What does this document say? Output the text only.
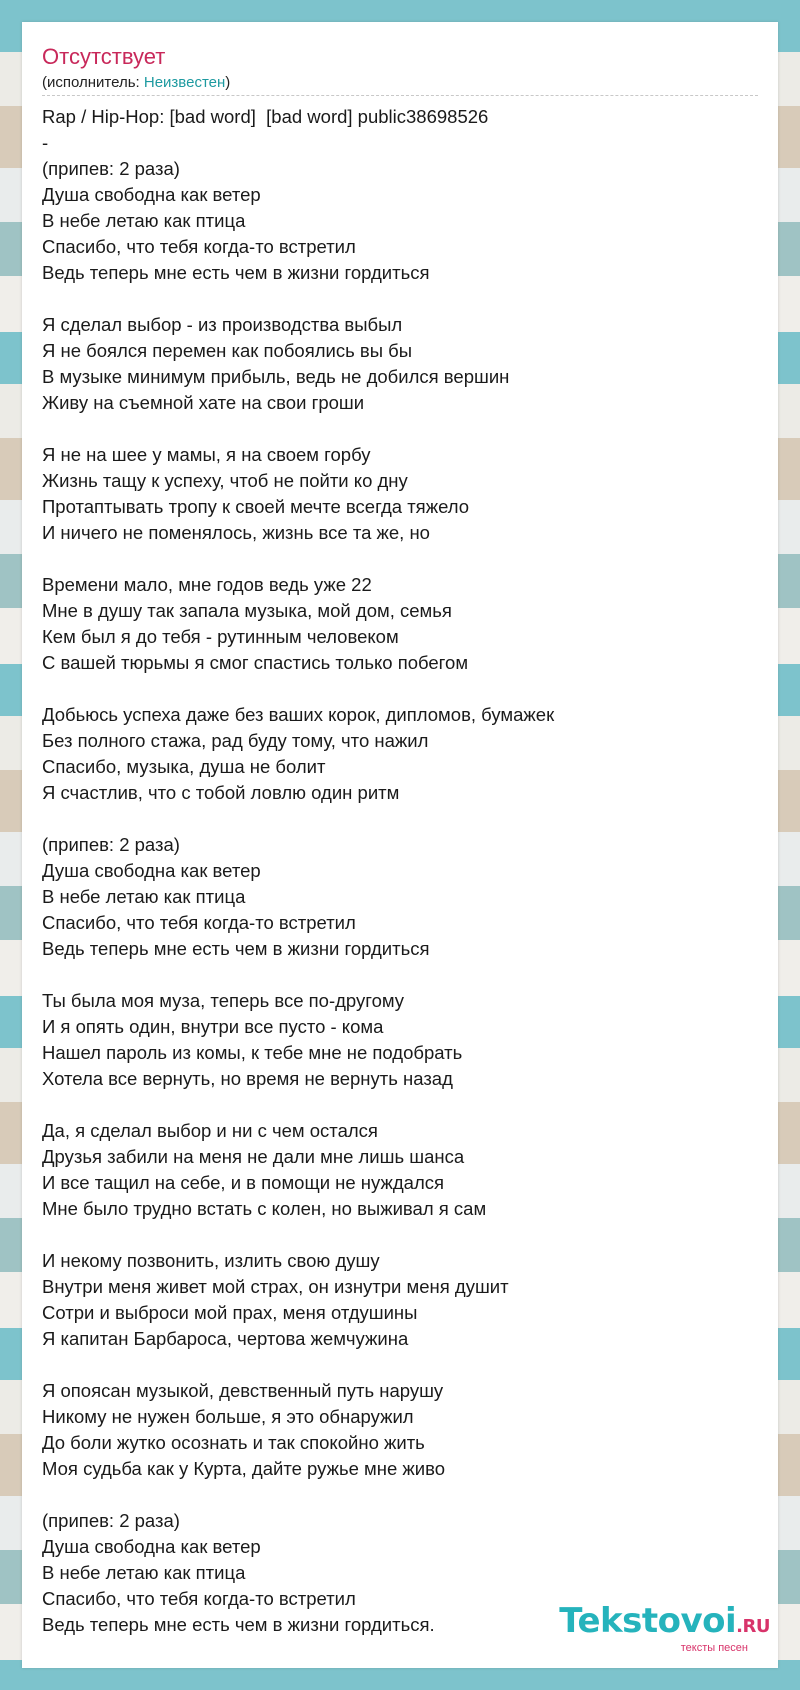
Отсутствует
(исполнитель: Неизвестен)
Rap / Hip-Hop: [bad word]  [bad word] public38698526
-
(припев: 2 раза)
Душа свободна как ветер
В небе летаю как птица
Спасибо, что тебя когда-то встретил
Ведь теперь мне есть чем в жизни гордиться
Я сделал выбор - из производства выбыл
Я не боялся перемен как побоялись вы бы
В музыке минимум прибыль, ведь не добился вершин
Живу на съемной хате на свои гроши
Я не на шее у мамы, я на своем горбу
Жизнь тащу к успеху, чтоб не пойти ко дну
Протаптывать тропу к своей мечте всегда тяжело
И ничего не поменялось, жизнь все та же, но
Времени мало, мне годов ведь уже 22
Мне в душу так запала музыка, мой дом, семья
Кем был я до тебя - рутинным человеком
С вашей тюрьмы я смог спастись только побегом
Добьюсь успеха даже без ваших корок, дипломов, бумажек
Без полного стажа, рад буду тому, что нажил
Спасибо, музыка, душа не болит
Я счастлив, что с тобой ловлю один ритм
(припев: 2 раза)
Душа свободна как ветер
В небе летаю как птица
Спасибо, что тебя когда-то встретил
Ведь теперь мне есть чем в жизни гордиться
Ты была моя муза, теперь все по-другому
И я опять один, внутри все пусто - кома
Нашел пароль из комы, к тебе мне не подобрать
Хотела все вернуть, но время не вернуть назад
Да, я сделал выбор и ни с чем остался
Друзья забили на меня не дали мне лишь шанса
И все тащил на себе, и в помощи не нуждался
Мне было трудно встать с колен, но выживал я сам
И некому позвонить, излить свою душу
Внутри меня живет мой страх, он изнутри меня душит
Сотри и выброси мой прах, меня отдушины
Я капитан Барбароса, чертова жемчужина
Я опоясан музыкой, девственный путь нарушу
Никому не нужен больше, я это обнаружил
До боли жутко осознать и так спокойно жить
Моя судьба как у Курта, дайте ружье мне живо
(припев: 2 раза)
Душа свободна как ветер
В небе летаю как птица
Спасибо, что тебя когда-то встретил
Ведь теперь мне есть чем в жизни гордиться.	Tekstovoi.RU
тексты песен
